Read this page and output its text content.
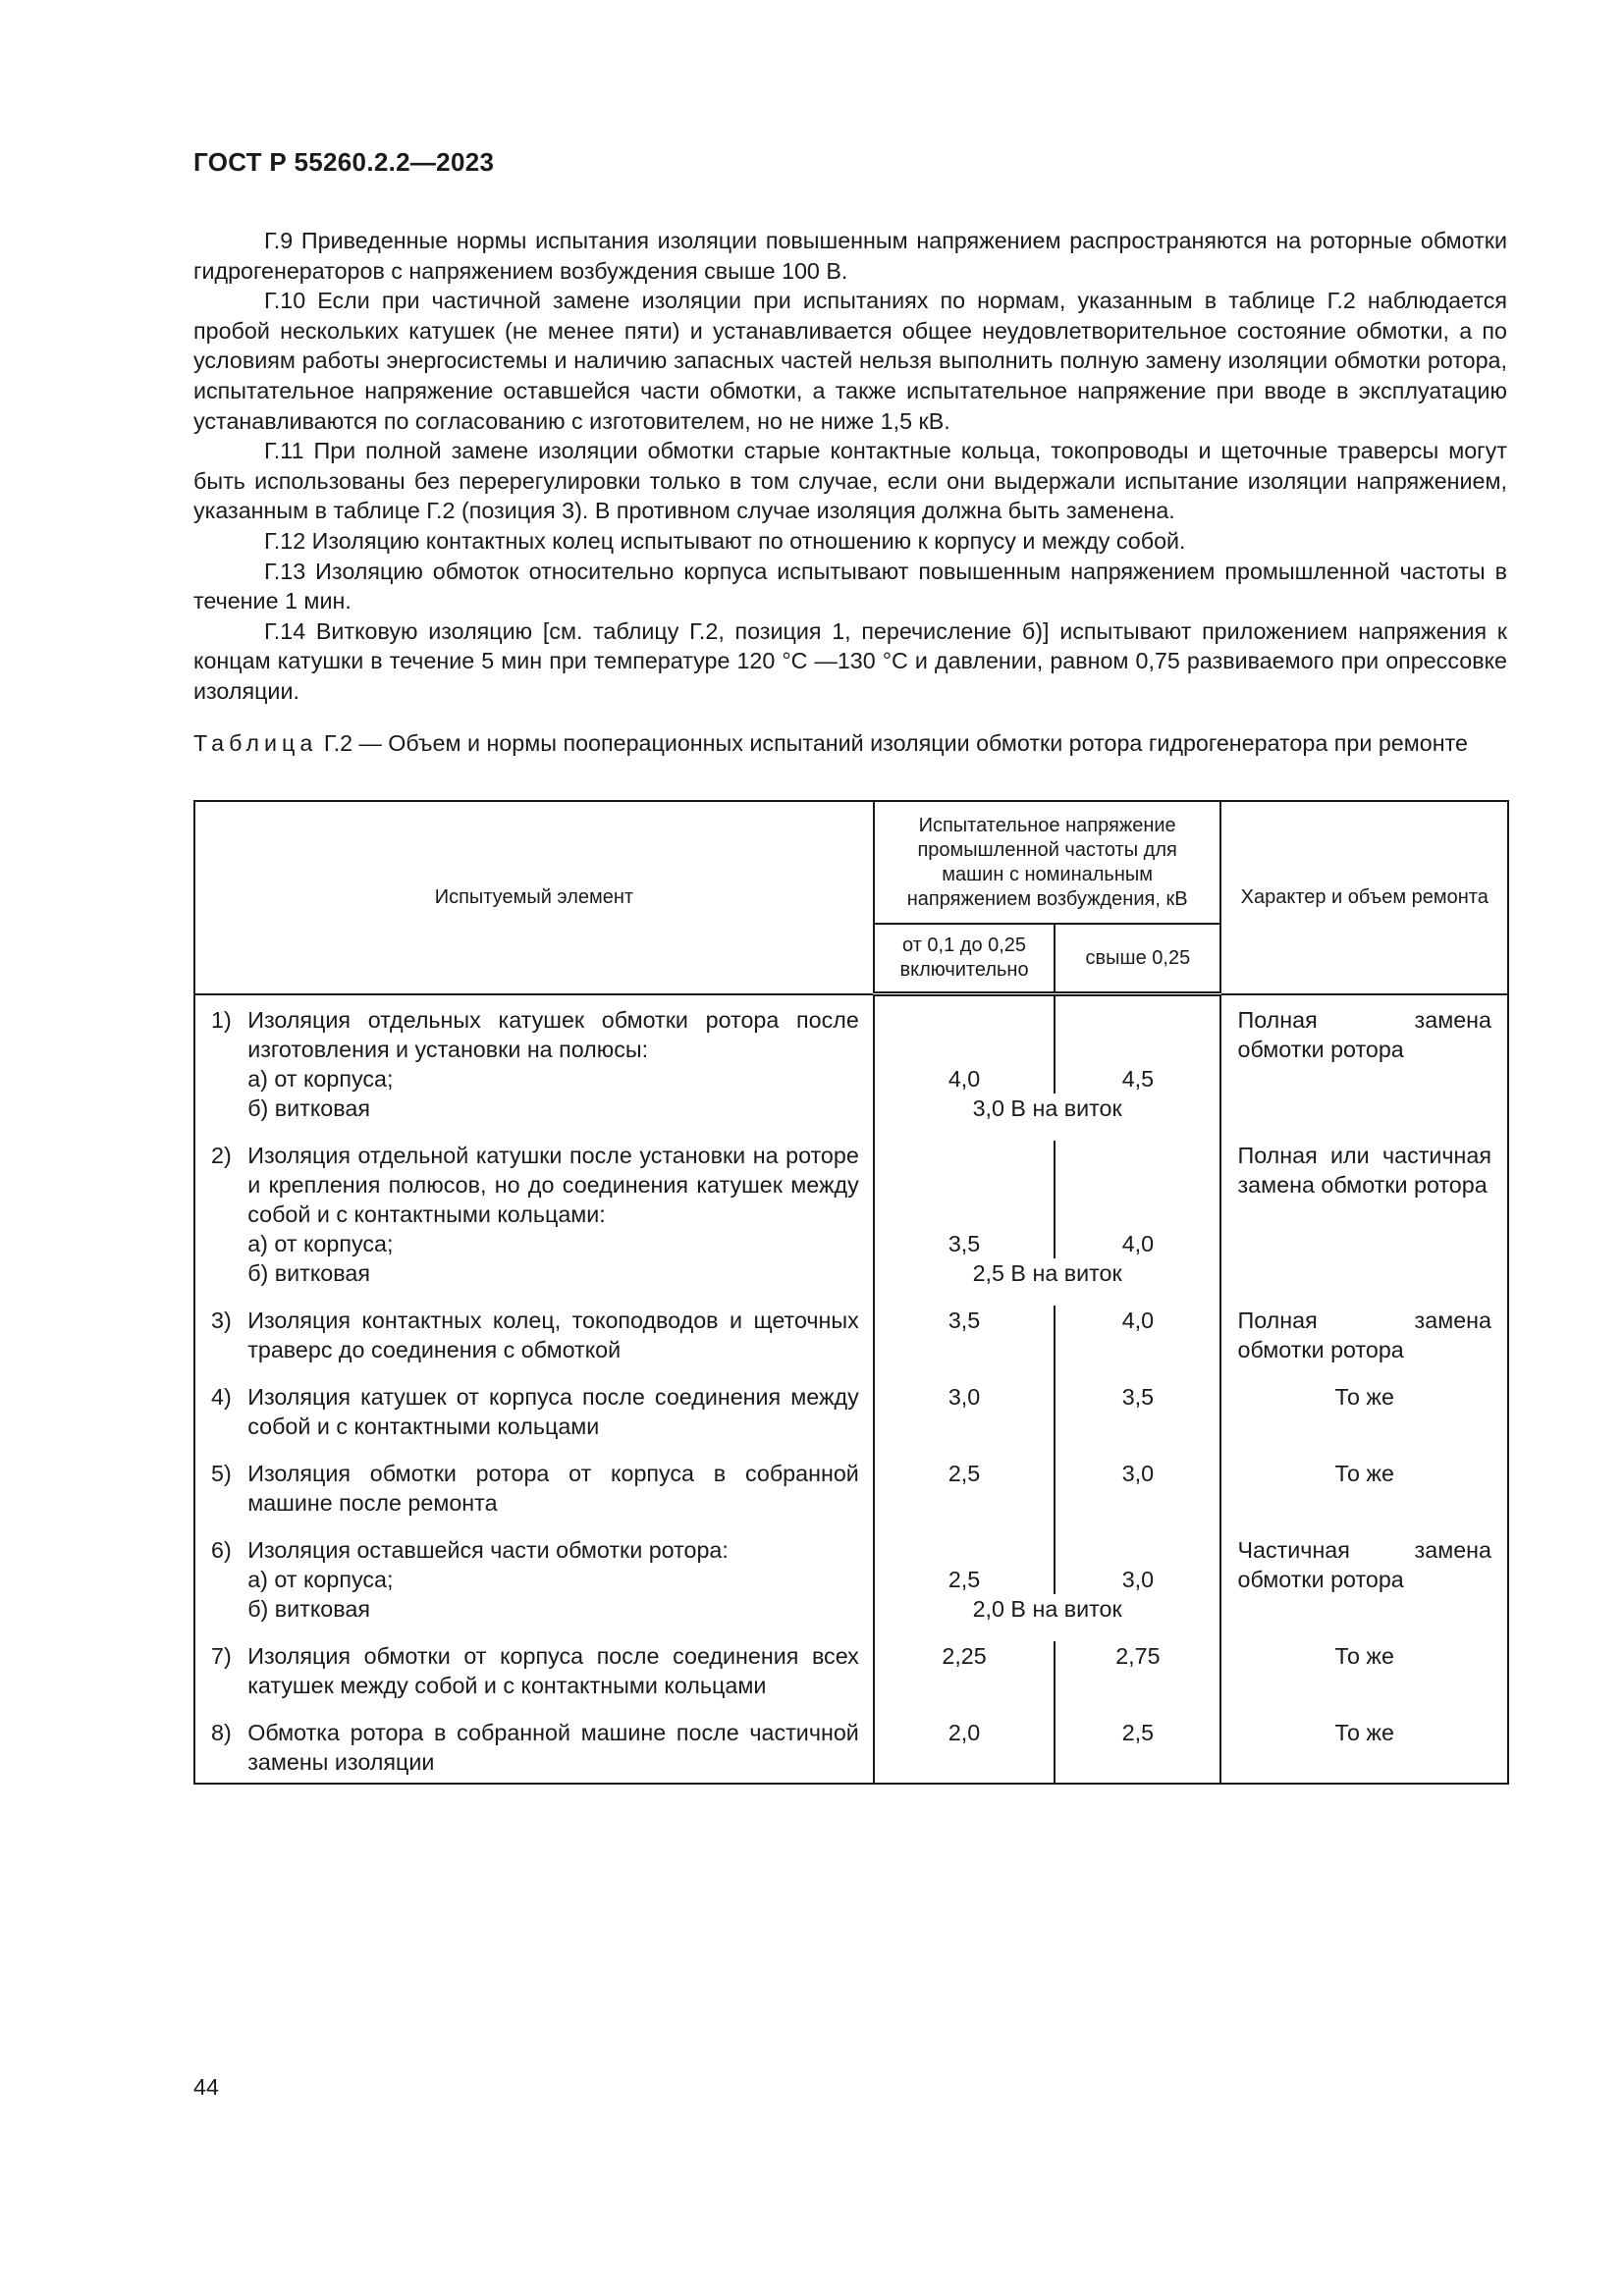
ГОСТ Р 55260.2.2—2023

Г.9 Приведенные нормы испытания изоляции повышенным напряжением распространяются на роторные обмотки гидрогенераторов с напряжением возбуждения свыше 100 В.

Г.10 Если при частичной замене изоляции при испытаниях по нормам, указанным в таблице Г.2 наблюдается пробой нескольких катушек (не менее пяти) и устанавливается общее неудовлетворительное состояние обмотки, а по условиям работы энергосистемы и наличию запасных частей нельзя выполнить полную замену изоляции обмотки ротора, испытательное напряжение оставшейся части обмотки, а также испытательное напряжение при вводе в эксплуатацию устанавливаются по согласованию с изготовителем, но не ниже 1,5 кВ.

Г.11 При полной замене изоляции обмотки старые контактные кольца, токопроводы и щеточные траверсы могут быть использованы без перерегулировки только в том случае, если они выдержали испытание изоляции напряжением, указанным в таблице Г.2 (позиция 3). В противном случае изоляция должна быть заменена.

Г.12 Изоляцию контактных колец испытывают по отношению к корпусу и между собой.

Г.13 Изоляцию обмоток относительно корпуса испытывают повышенным напряжением промышленной частоты в течение 1 мин.

Г.14 Витковую изоляцию [см. таблицу Г.2, позиция 1, перечисление б)] испытывают приложением напряжения к концам катушки в течение 5 мин при температуре 120 °С —130 °С и давлении, равном 0,75 развиваемого при опрессовке изоляции.

Таблица Г.2 — Объем и нормы пооперационных испытаний изоляции обмотки ротора гидрогенератора при ремонте
Испытуемый элемент		Испытательное напряжение промышленной частоты для машин с номинальным напряжением возбуждения, кВ		Характер и объем ремонта
		от 0,1 до 0,25 включительно	свыше 0,25	
1)	Изоляция отдельных катушек обмотки ротора после изготовления и установки на полюсы:			Полная замена обмотки ротора
	а) от корпуса;	4,0	4,5	
	б) витковая	3,0 В на виток		
2)	Изоляция отдельной катушки после установки на роторе и крепления полюсов, но до соединения катушек между собой и с контактными кольцами:			Полная или частичная замена обмотки ротора
	а) от корпуса;	3,5	4,0	
	б) витковая	2,5 В на виток		
3)	Изоляция контактных колец, токоподводов и щеточных траверс до соединения с обмоткой	3,5	4,0	Полная замена обмотки ротора
4)	Изоляция катушек от корпуса после соединения между собой и с контактными кольцами	3,0	3,5	То же
5)	Изоляция обмотки ротора от корпуса в собранной машине после ремонта	2,5	3,0	То же
6)	Изоляция оставшейся части обмотки ротора:			Частичная замена обмотки ротора
	а) от корпуса;	2,5	3,0	
	б) витковая	2,0 В на виток		
7)	Изоляция обмотки от корпуса после соединения всех катушек между собой и с контактными кольцами	2,25	2,75	То же
8)	Обмотка ротора в собранной машине после частичной замены изоляции	2,0	2,5	То же
44
